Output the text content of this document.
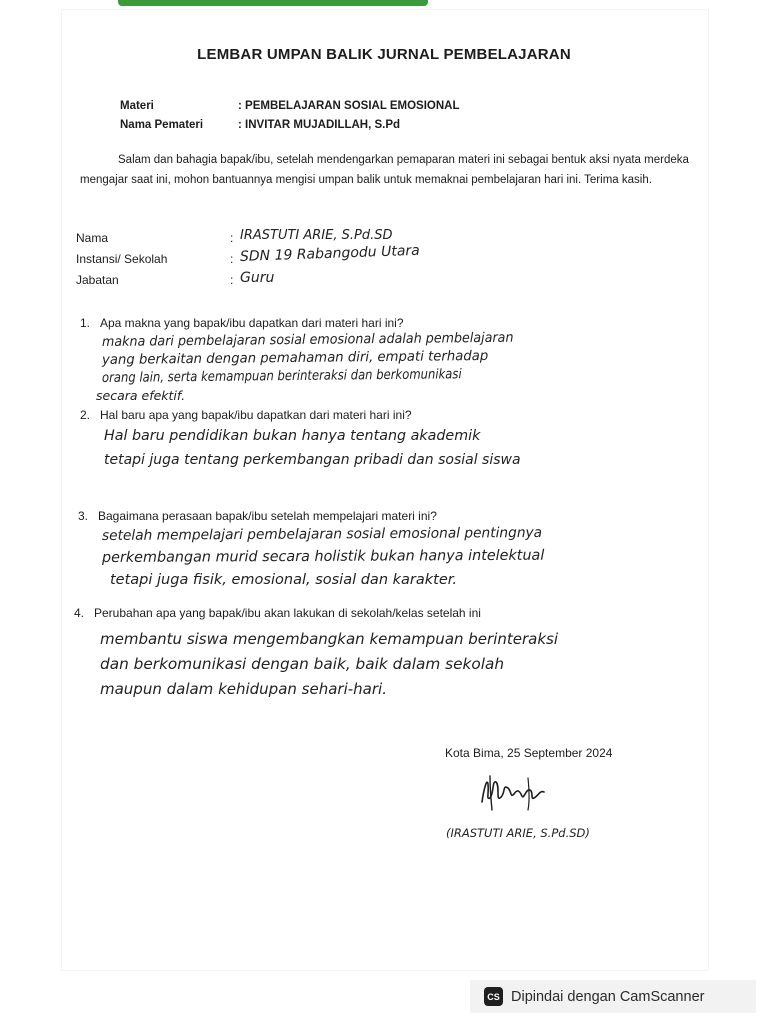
LEMBAR UMPAN BALIK JURNAL PEMBELAJARAN
Materi	: PEMBELAJARAN SOSIAL EMOSIONAL
Nama Pemateri	: INVITAR MUJADILLAH, S.Pd
Salam dan bahagia bapak/ibu, setelah mendengarkan pemaparan materi ini sebagai bentuk aksi nyata merdeka mengajar saat ini, mohon bantuannya mengisi umpan balik untuk memaknai pembelajaran hari ini. Terima kasih.
Nama	: IRASTUTI ARIE, S.Pd.SD
Instansi/ Sekolah	: SDN 19 Rabangodu Utara
Jabatan	: Guru
1. Apa makna yang bapak/ibu dapatkan dari materi hari ini?
makna dari pembelajaran sosial emosional adalah pembelajaran
yang berkaitan dengan pemahaman diri, empati terhadap
orang lain, serta kemampuan berinteraksi dan berkomunikasi
secara efektif.
2. Hal baru apa yang bapak/ibu dapatkan dari materi hari ini?
Hal baru pendidikan bukan hanya tentang akademik
tetapi juga tentang perkembangan pribadi dan sosial siswa
3. Bagaimana perasaan bapak/ibu setelah mempelajari materi ini?
setelah mempelajari pembelajaran sosial emosional pentingnya
perkembangan murid secara holistik bukan hanya intelektual
tetapi juga fisik, emosional, sosial dan karakter.
4. Perubahan apa yang bapak/ibu akan lakukan di sekolah/kelas setelah ini
membantu siswa mengembangkan kemampuan berinteraksi
dan berkomunikasi dengan baik, baik dalam sekolah
maupun dalam kehidupan sehari-hari.
Kota Bima, 25 September 2024
(IRASTUTI ARIE, S.Pd.SD)
CS Dipindai dengan CamScanner
